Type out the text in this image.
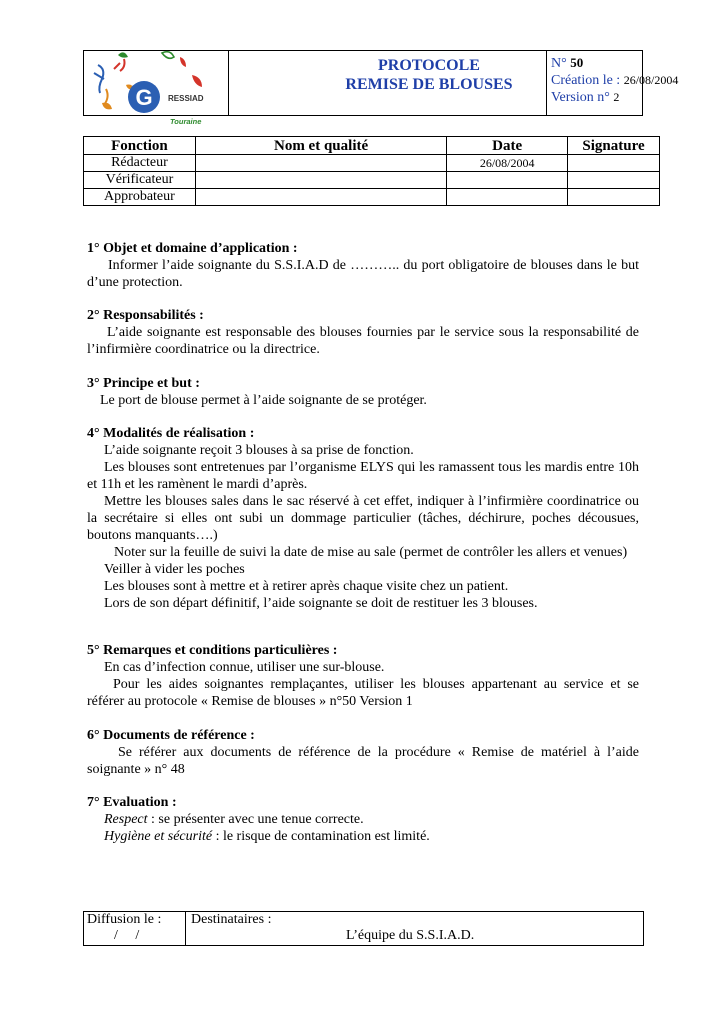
G RESSIAD
Touraine
PROTOCOLE
REMISE DE BLOUSES
N° 50
Création le : 26/08/2004
Version n° 2
Fonction	Nom et qualité	Date	Signature
Rédacteur		26/08/2004	
Vérificateur			
Approbateur			
1° Objet et domaine d’application :

Informer l’aide soignante du S.S.I.A.D de ……….. du port obligatoire de blouses dans le but d’une protection.

2° Responsabilités :

L’aide soignante est responsable des blouses fournies par le service sous la responsabilité de l’infirmière coordinatrice ou la directrice.

3° Principe et but :

Le port de blouse permet à l’aide soignante de se protéger.

4° Modalités de réalisation :

L’aide soignante reçoit 3 blouses à sa prise de fonction.

Les blouses sont entretenues par l’organisme ELYS qui les ramassent tous les mardis entre 10h et 11h et les ramènent le mardi d’après.

Mettre les blouses sales dans le sac réservé à cet effet, indiquer à l’infirmière coordinatrice ou la secrétaire si elles ont subi un dommage particulier (tâches, déchirure, poches décousues, boutons manquants….)

Noter sur la feuille de suivi la date de mise au sale (permet de contrôler les allers et venues)

Veiller à vider les poches

Les blouses sont à mettre et à retirer après chaque visite chez un patient.

Lors de son départ définitif, l’aide soignante se doit de restituer les 3 blouses.

5° Remarques et conditions particulières :

En cas d’infection connue, utiliser une sur-blouse.

Pour les aides soignantes remplaçantes, utiliser les blouses appartenant au service et se référer au protocole « Remise de blouses » n°50 Version 1

6° Documents de référence :

Se référer aux documents de référence de la procédure « Remise de matériel à l’aide soignante » n° 48

7° Evaluation :

Respect : se présenter avec une tenue correcte.

Hygiène et sécurité : le risque de contamination est limité.

Diffusion le :
/ /
Destinataires :
L’équipe du S.S.I.A.D.
